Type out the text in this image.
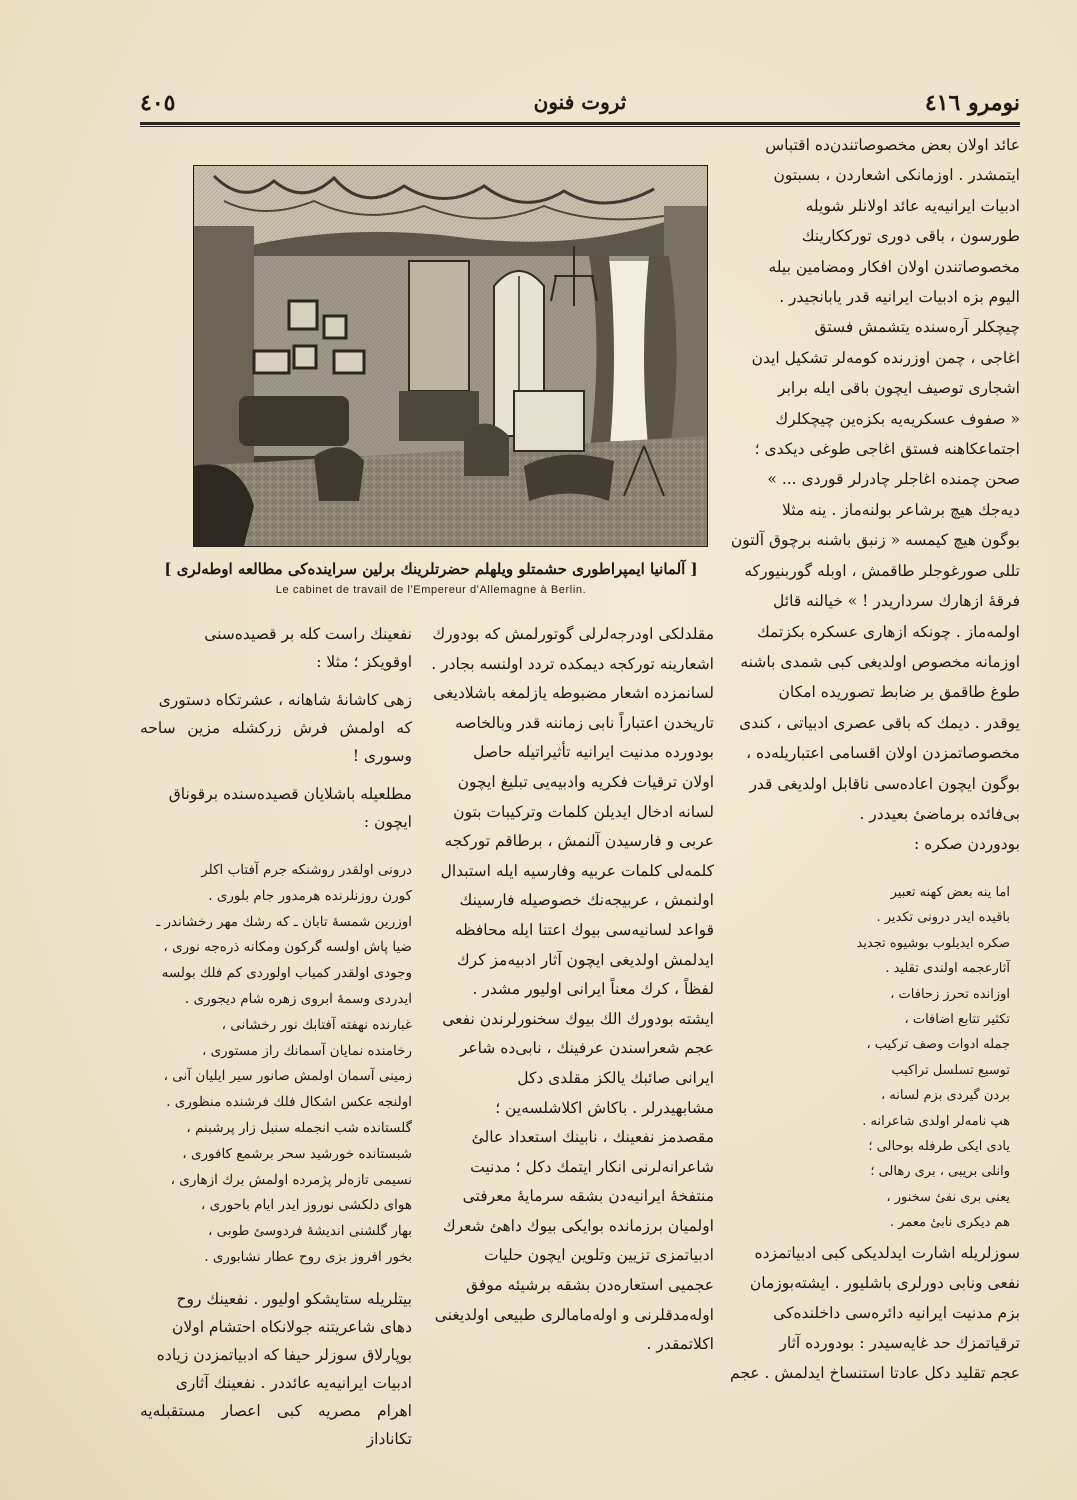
نومرو ٤١٦
ثروت فنون
٤٠٥
[ آلمانیا ایمپراطوری حشمتلو ویلهلم حضرتلرینك برلین سراینده‌كی مطالعه اوطه‌لری ]
Le cabinet de travail de l'Empereur d'Allemagne à Berlin.

عائد اولان بعض مخصوصاتندن‌ده اقتباس

ایتمشدر . اوزمانكی اشعاردن ، بسبتون

ادبیات ایرانیه‌یه عائد اولانلر شویله

طورسون ، باقی دوری تورككارینك

مخصوصاتندن اولان افكار ومضامین بیله

الیوم بزه ادبیات ایرانیه قدر یابانجیدر .

چیچكلر آره‌سنده یتشمش فستق

اغاجی ، چمن اوزرنده كومه‌لر تشكیل ایدن

اشجاری توصیف ایچون باقی ایله برابر

« صفوف عسكریه‌یه بكزه‌ین چیچكلرك

اجتماعكاهنه فستق اغاجی طوغی دیكدی ؛

صحن چمنده اغاجلر چادرلر قوردی ... »

دیه‌جك هیچ برشاعر بولنه‌ماز . ینه مثلا

بوگون هیچ كیمسه « زنبق باشنه برچوق آلتون

تللی صورغوجلر طاقمش ، اوبله گوربنیوركه

فرقهٔ ازهارك سرداریدر ! » خیالنه قائل

اولمه‌ماز . چونكه ازهاری عسكره بكزتمك

اوزمانه مخصوص اولدیغی كبی شمدی باشنه

طوغ طاقمق بر ضابط تصوریده امكان

یوقدر . دیمك كه باقی عصری ادبیاتی ، كندی

مخصوصاتمزدن اولان اقسامی اعتباریله‌ده ،

بوگون ایچون اعاده‌سی ناقابل اولدیغی قدر

بی‌فائده برماضیٔ بعیددر .

بودوردن صكره :

اما ینه بعض كهنه تعبیر
باقیده ایدر درونی تكدیر .
صكره ایدیلوب بوشیوه تجدید
آثارعجمه اولندی تقلید .
اوزانده تحرز زحافات ،
تكثیر تتابع اضافات ،
جمله ادوات وصف تركیب ،
توسیع تسلسل تراكیب
بردن گیردی بزم لسانه ،
هپ نامه‌لر اولدی شاعرانه .
یادی ایكی طرفله بوحالی ؛
وانلی بریبی ، بری رهالی ؛
یعنی بری نفیٔ سخنور ،
هم دیكری نابیٔ معمر .

سوزلریله اشارت ایدلدیكی كبی ادبیاتمزده

نفعی ونابی دورلری باشلیور . ایشته‌بوزمان

بزم مدنیت ایرانیه دائره‌سی داخلنده‌كی

ترقیاتمزك حد غایه‌سیدر : بودورده آثار

عجم تقلید دكل عادتا استنساخ ایدلمش . عجم

مقلدلكی اودرجه‌لرلی گوتورلمش كه بودورك

اشعارینه توركجه دیمكده تردد اولنسه بجادر .

لسانمزده اشعار مضبوطه یازلمغه باشلادیغی

تاریخدن اعتباراً نابی زماننه قدر وبالخاصه

بودورده مدنیت ایرانیه تأثیراتیله حاصل

اولان ترقیات فكریه وادبیه‌یی تبلیغ ایچون

لسانه ادخال ایدیلن كلمات وتركیبات بتون

عربی و فارسیدن آلنمش ، برطاقم توركجه

كلمه‌لی كلمات عربیه وفارسیه ایله استبدال

اولنمش ، عربیجه‌نك خصوصیله فارسینك

قواعد لسانیه‌سی بیوك اعتنا ایله محافظه

ایدلمش اولدیغی ایچون آثار ادبیه‌مز كرك

لفظاً ، كرك معناً ایرانی اولیور مشدر .

ایشته بودورك الك بیوك سخنورلرندن نفعی

عجم شعراسندن عرفینك ، نابی‌ده شاعر

ایرانی صائبك یالكز مقلدی دكل

مشابهیدرلر . باكاش اكلاشلسه‌ین ؛

مقصدمز نفعینك ، نابینك استعداد عالئ

شاعرانه‌لرنی انكار ایتمك دكل ؛ مدنیت

منتفخهٔ ایرانیه‌دن بشقه سرمایهٔ معرفتی

اولمیان برزمانده بوایكی بیوك داهئ شعرك

ادبیاتمزی تزیین وتلوین ایچون حلیات

عجمیی استعاره‌دن بشقه برشیئه موفق

اوله‌مدقلرنی و اوله‌مامالری طبیعی اولدیغنی

اكلاتمقدر .

نفعینك راست كله بر قصیده‌سنی

اوقویكز ؛ مثلا :

زهی كاشانهٔ شاهانه ، عشرتكاه دستوری

كه اولمش فرش زركشله مزین ساحه وسوری !

مطلعیله باشلایان قصیده‌سنده برقوناق

ایچون :

درونی اولقدر روشنكه جرم آفتاب اكلر

كورن روزنلرنده هرمدور جام بلوری .

اوزرین شمسهٔ تابان ـ كه رشك مهر رخشاندر ـ

ضیا پاش اولسه گركون ومكانه ذره‌جه نوری ،

وجودی اولقدر كمیاب اولوردی كم فلك بولسه

ایدردی وسمهٔ ابروی زهره شام دیجوری .

غبارنده نهفته آفتابك نور رخشانی ،

رخامنده نمایان آسمانك راز مستوری ،

زمینی آسمان اولمش صانور سیر ایلیان آنی ،

اولنجه عكس اشكال فلك فرشنده منظوری .

گلستانده شب انجمله سنبل زار پرشبنم ،

شبستانده خورشید سحر برشمع كافوری ،

نسیمی تازه‌لر پژمرده اولمش برك ازهاری ،

هوای دلكشی نوروز ایدر ایام باحوری ،

بهار گلشنی اندیشهٔ فردوسئ طوبی ،

بخور افروز بزی روح عطار نشابوری .

بیتلریله ستایشكو اولیور . نفعینك روح

دهای شاعریتنه جولانكاه احتشام اولان

بوپارلاق سوزلر حیفا كه ادبیاتمزدن زیاده

ادبیات ایرانیه‌یه عائددر . نفعینك آثاری

اهرام مصریه كبی اعصار مستقبله‌یه تكاناداز
